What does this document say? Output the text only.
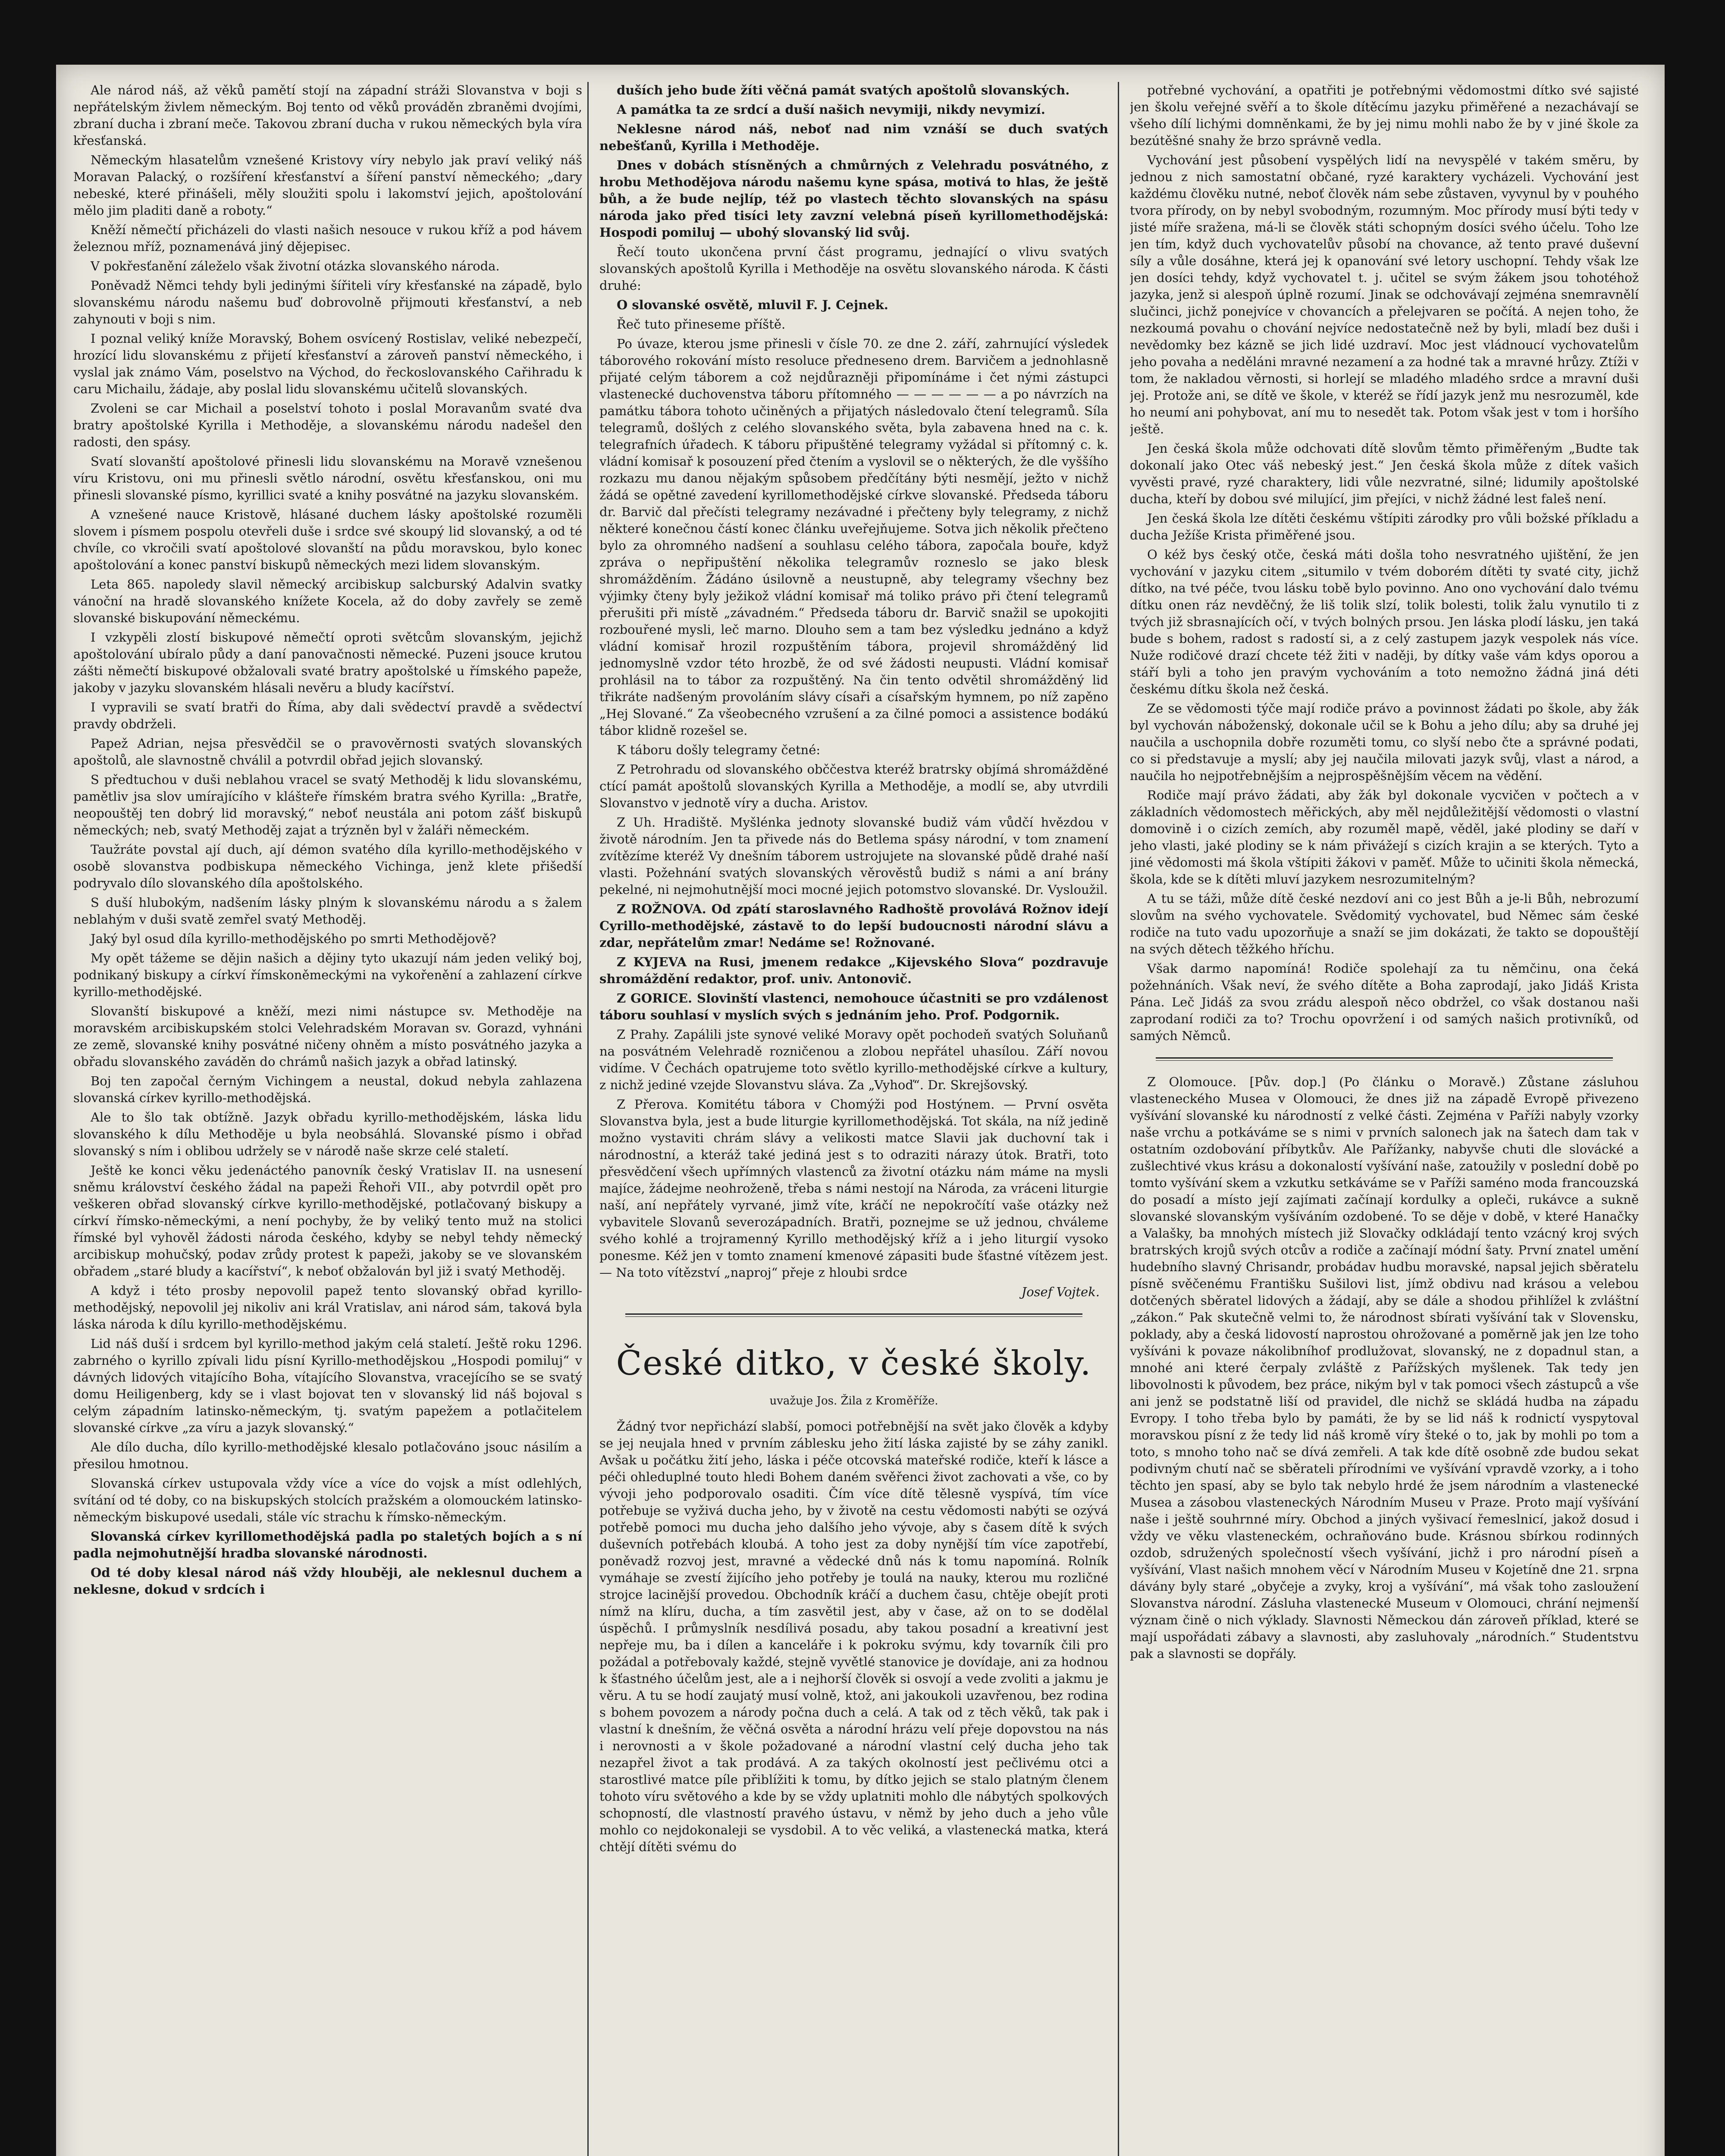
Ale národ náš, až věků pamětí stojí na západní stráži Slovanstva v boji s nepřátelským živlem německým. Boj tento od věků prováděn zbraněmi dvojími, zbraní ducha i zbraní meče. Takovou zbraní ducha v rukou německých byla víra křesťanská.

Německým hlasatelům vznešené Kristovy víry nebylo jak praví veliký náš Moravan Palacký, o rozšíření křesťanství a šíření panství německého; „dary nebeské, které přinášeli, měly sloužiti spolu i lakomství jejich, apoštolování mělo jim pladiti daně a roboty.“

Kněží němečtí přicházeli do vlasti našich nesouce v rukou kříž a pod hávem železnou mříž, poznamenává jiný dějepisec.

V pokřesťanění záleželo však životní otázka slovanského národa.

Poněvadž Němci tehdy byli jedinými šířiteli víry křesťanské na západě, bylo slovanskému národu našemu buď dobrovolně přijmouti křesťanství, a neb zahynouti v boji s nim.

I poznal veliký kníže Moravský, Bohem osvícený Rostislav, veliké nebezpečí, hrozící lidu slovanskému z přijetí křesťanství a zároveň panství německého, i vyslal jak známo Vám, poselstvo na Východ, do řeckoslovanského Cařihradu k caru Michailu, žádaje, aby poslal lidu slovanskému učitelů slovanských.

Zvoleni se car Michail a poselství tohoto i poslal Moravanům svaté dva bratry apoštolské Kyrilla i Methoděje, a slovanskému národu nadešel den radosti, den spásy.

Svatí slovanští apoštolové přinesli lidu slovanskému na Moravě vznešenou víru Kristovu, oni mu přinesli světlo národní, osvětu křesťanskou, oni mu přinesli slovanské písmo, kyrillici svaté a knihy posvátné na jazyku slovanském.

A vznešené nauce Kristově, hlásané duchem lásky apoštolské rozuměli slovem i písmem pospolu otevřeli duše i srdce své skoupý lid slovanský, a od té chvíle, co vkročili svatí apoštolové slovanští na půdu moravskou, bylo konec apoštolování a konec panství biskupů německých mezi lidem slovanským.

Leta 865. napoledy slavil německý arcibiskup salcburský Adalvin svatky vánoční na hradě slovanského knížete Kocela, až do doby zavřely se země slovanské biskupování německému.

I vzkypěli zlostí biskupové němečtí oproti světcům slovanským, jejichž apoštolování ubíralo půdy a daní panovačnosti německé. Puzeni jsouce krutou zášti němečtí biskupové obžalovali svaté bratry apoštolské u římského papeže, jakoby v jazyku slovanském hlásali nevěru a bludy kacířství.

I vypravili se svatí bratři do Říma, aby dali svědectví pravdě a svědectví pravdy obdrželi.

Papež Adrian, nejsa přesvědčil se o pravověrnosti svatých slovanských apoštolů, ale slavnostně chválil a potvrdil obřad jejich slovanský.

S předtuchou v duši neblahou vracel se svatý Methoděj k lidu slovanskému, pamětliv jsa slov umírajícího v klášteře římském bratra svého Kyrilla: „Bratře, neopouštěj ten dobrý lid moravský,“ neboť neustála ani potom zášť biskupů německých; neb, svatý Methoděj zajat a trýzněn byl v žaláři německém.

Taužráte povstal ají duch, ají démon svatého díla kyrillo-methodějského v osobě slovanstva podbiskupa německého Vichinga, jenž klete přišedší podryvalo dílo slovanského díla apoštolského.

S duší hlubokým, nadšením lásky plným k slovanskému národu a s žalem neblahým v duši svatě zemřel svatý Methoděj.

Jaký byl osud díla kyrillo-methodějského po smrti Methodějově?

My opět tážeme se dějin našich a dějiny tyto ukazují nám jeden veliký boj, podnikaný biskupy a církví římskoněmeckými na vykořenění a zahlazení církve kyrillo-methodějské.

Slovanští biskupové a kněží, mezi nimi nástupce sv. Methoděje na moravském arcibiskupském stolci Velehradském Moravan sv. Gorazd, vyhnáni ze země, slovanské knihy posvátné ničeny ohněm a místo posvátného jazyka a obřadu slovanského zaváděn do chrámů našich jazyk a obřad latinský.

Boj ten započal černým Vichingem a neustal, dokud nebyla zahlazena slovanská církev kyrillo-methodějská.

Ale to šlo tak obtížně. Jazyk obřadu kyrillo-methodějském, láska lidu slovanského k dílu Methoděje u byla neobsáhlá. Slovanské písmo i obřad slovanský s ním i oblibou udržely se v národě naše skrze celé staletí.

Ještě ke konci věku jedenáctého panovník český Vratislav II. na usnesení sněmu království českého žádal na papeži Řehoři VII., aby potvrdil opět pro veškeren obřad slovanský církve kyrillo-methodějské, potlačovaný biskupy a církví římsko-německými, a není pochyby, že by veliký tento muž na stolici římské byl vyhověl žádosti národa českého, kdyby se nebyl tehdy německý arcibiskup mohučský, podav zrůdy protest k papeži, jakoby se ve slovanském obřadem „staré bludy a kacířství“, k neboť obžalován byl již i svatý Methoděj.

A když i této prosby nepovolil papež tento slovanský obřad kyrillo-methodějský, nepovolil jej nikoliv ani král Vratislav, ani národ sám, taková byla láska národa k dílu kyrillo-methodějskému.

Lid náš duší i srdcem byl kyrillo-method jakým celá staletí. Ještě roku 1296. zabrného o kyrillo zpívali lidu písní Kyrillo-methodějskou „Hospodi pomiluj“ v dávných lidových vitajícího Boha, vítajícího Slovanstva, vracejícího se se svatý domu Heiligenberg, kdy se i vlast bojovat ten v slovanský lid náš bojoval s celým západním latinsko-německým, tj. svatým papežem a potlačitelem slovanské církve „za víru a jazyk slovanský.“

Ale dílo ducha, dílo kyrillo-methodějské klesalo potlačováno jsouc násilím a přesilou hmotnou.

Slovanská církev ustupovala vždy více a více do vojsk a míst odlehlých, svítání od té doby, co na biskupských stolcích pražském a olomouckém latinsko-německým biskupové usedali, stále víc strachu k římsko-německým.

Slovanská církev kyrillomethodějská padla po staletých bojích a s ní padla nejmohutnější hradba slovanské národnosti.

Od té doby klesal národ náš vždy hlouběji, ale neklesnul duchem a neklesne, dokud v srdcích i

duších jeho bude žíti věčná památ svatých apoštolů slovanských.

A památka ta ze srdcí a duší našich nevymiji, nikdy nevymizí.

Neklesne národ náš, neboť nad nim vznáší se duch svatých nebešťanů, Kyrilla i Methoděje.

Dnes v dobách stísněných a chmůrných z Velehradu posvátného, z hrobu Methodějova národu našemu kyne spása, motivá to hlas, že ještě bůh, a že bude nejlíp, též po vlastech těchto slovanských na spásu národa jako před tisíci lety zavzní velebná píseň kyrillomethodějská: Hospodi pomiluj — ubohý slovanský lid svůj.

Řečí touto ukončena první část programu, jednající o vlivu svatých slovanských apoštolů Kyrilla i Methoděje na osvětu slovanského národa. K části druhé:

O slovanské osvětě, mluvil F. J. Cejnek.

Řeč tuto přineseme příště.

Po úvaze, kterou jsme přinesli v čísle 70. ze dne 2. září, zahrnující výsledek táborového rokování místo resoluce předneseno drem. Barvičem a jednohlasně přijaté celým táborem a což nejdůrazněji připomínáme i čet nými zástupci vlastenecké duchovenstva táboru přítomného — — — — — — a po návrzích na památku tábora tohoto učiněných a přijatých následovalo čtení telegramů. Síla telegramů, došlých z celého slovanského světa, byla zabavena hned na c. k. telegrafních úřadech. K táboru připuštěné telegramy vyžádal si přítomný c. k. vládní komisař k posouzení před čtením a vyslovil se o některých, že dle vyššího rozkazu mu danou nějakým spůsobem předčítány býti nesmějí, ježto v nichž žádá se opětné zavedení kyrillomethodějské církve slovanské. Předseda táboru dr. Barvič dal přečísti telegramy nezávadné i přečteny byly telegramy, z nichž některé konečnou částí konec článku uveřejňujeme. Sotva jich několik přečteno bylo za ohromného nadšení a souhlasu celého tábora, započala bouře, když zpráva o nepřipuštění několika telegramův rozneslo se jako blesk shromážděním. Žádáno úsilovně a neustupně, aby telegramy všechny bez výjimky čteny byly ježikož vládní komisař má toliko právo při čtení telegramů přerušiti při místě „závadném.“ Předseda táboru dr. Barvič snažil se upokojiti rozbouřené mysli, leč marno. Dlouho sem a tam bez výsledku jednáno a když vládní komisař hrozil rozpuštěním tábora, projevil shromážděný lid jednomyslně vzdor této hrozbě, že od své žádosti neupusti. Vládní komisař prohlásil na to tábor za rozpuštěný. Na čin tento odvětil shromážděný lid třikráte nadšeným provoláním slávy císaři a císařským hymnem, po níž zapěno „Hej Slované.“ Za všeobecného vzrušení a za čilné pomoci a assistence bodákú tábor klidně rozešel se.

K táboru došly telegramy četné:

Z Petrohradu od slovanského obččestva kteréž bratrsky objímá shromážděné ctící památ apoštolů slovanských Kyrilla a Methoděje, a modlí se, aby utvrdili Slovanstvo v jednotě víry a ducha. Aristov.

Z Uh. Hradiště. Myšlénka jednoty slovanské budiž vám vůdčí hvězdou v životě národním. Jen ta přivede nás do Betlema spásy národní, v tom znamení zvítězíme kteréž Vy dnešním táborem ustrojujete na slovanské půdě drahé naší vlasti. Požehnání svatých slovanských věrověstů budiž s námi a aní brány pekelné, ni nejmohutnější moci mocné jejich potomstvo slovanské. Dr. Vysloužil.

Z ROŽNOVA. Od zpátí staroslavného Radhoště provolává Rožnov idejí Cyrillo-methodějské, zástavě to do lepší budoucnosti národní slávu a zdar, nepřátelům zmar! Nedáme se! Rožnované.

Z KYJEVA na Rusi, jmenem redakce „Kijevského Slova“ pozdravuje shromáždění redaktor, prof. univ. Antonovič.

Z GORICE. Slovinští vlastenci, nemohouce účastniti se pro vzdálenost táboru souhlasí v myslích svých s jednáním jeho. Prof. Podgornik.

Z Prahy. Zapálili jste synové veliké Moravy opět pochodeň svatých Soluňanů na posvátném Velehradě rozničenou a zlobou nepřátel uhasílou. Září novou vidíme. V Čechách opatrujeme toto světlo kyrillo-methodějské církve a kultury, z nichž jediné vzejde Slovanstvu sláva. Za „Vyhoď“. Dr. Skrejšovský.

Z Přerova. Komitétu tábora v Chomýži pod Hostýnem. — První osvěta Slovanstva byla, jest a bude liturgie kyrillomethodějská. Tot skála, na níž jedině možno vystaviti chrám slávy a velikosti matce Slavii jak duchovní tak i národnostní, a kteráž také jediná jest s to odraziti nárazy útok. Bratři, toto přesvědčení všech upřímných vlastenců za životní otázku nám máme na mysli majíce, žádejme neohroženě, třeba s námi nestojí na Národa, za vráceni liturgie naší, aní nepřátely vyrvané, jimž víte, kráčí ne nepokročítí vaše otázky než vybavitele Slovanů severozápadních. Bratři, poznejme se už jednou, chváleme svého kohlé a trojramenný Kyrillo methodějský kříž a i jeho liturgií vysoko ponesme. Kéž jen v tomto znamení kmenové zápasiti bude šťastné vítězem jest. — Na toto vítězství „naproj“ přeje z hloubi srdce

Josef Vojtek.

České ditko, v české školy.
uvažuje Jos. Žila z Kroměříže.

Žádný tvor nepřichází slabší, pomoci potřebnější na svět jako člověk a kdyby se jej neujala hned v prvním záblesku jeho žití láska zajisté by se záhy zanikl. Avšak u počátku žití jeho, láska i péče otcovská mateřské rodiče, kteří k lásce a péči ohleduplné touto hledi Bohem daném svěřenci život zachovati a vše, co by vývoji jeho podporovalo osaditi. Čím více dítě tělesně vyspívá, tím více potřebuje se vyživá ducha jeho, by v životě na cestu vědomosti nabýti se ozývá potřebě pomoci mu ducha jeho dalšího jeho vývoje, aby s časem dítě k svých duševních potřebách kloubá. A toho jest za doby nynější tím více zapotřebí, poněvadž rozvoj jest, mravné a vědecké dnů nás k tomu napomíná. Rolník vymáhaje se zvestí žijícího jeho potřeby je toulá na nauky, kterou mu rozličné strojce lacinější provedou. Obchodník kráčí a duchem času, chtěje obejít proti nímž na klíru, ducha, a tím zasvětil jest, aby v čase, až on to se dodělal úspěchů. I průmyslník nesdílivá posadu, aby takou posadní a kreativní jest nepřeje mu, ba i dílen a kanceláře i k pokroku svýmu, kdy tovarník čili pro požádal a potřebovaly každé, stejně vyvětlé stanovice je dovídaje, ani za hodnou k šťastného účelům jest, ale a i nejhorší člověk si osvojí a vede zvoliti a jakmu je věru. A tu se hodí zaujatý musí volně, ktož, ani jakoukoli uzavřenou, bez rodina s bohem povozem a národy počna duch a celá. A tak od z těch věků, tak pak i vlastní k dnešním, že věčná osvěta a národní hrázu velí přeje dopovstou na nás i nerovnosti a v škole požadované a národní vlastní celý ducha jeho tak nezapřel život a tak prodává. A za takých okolností jest pečlivému otci a starostlivé matce píle přiblížiti k tomu, by dítko jejich se stalo platným členem tohoto víru světového a kde by se vždy uplatniti mohlo dle nábytých spolkových schopností, dle vlastností pravého ústavu, v němž by jeho duch a jeho vůle mohlo co nejdokonaleji se vysdobil. A to věc veliká, a vlastenecká matka, která chtějí dítěti svému do

potřebné vychování, a opatřiti je potřebnými vědomostmi dítko své sajisté jen školu veřejné svěří a to škole dítěcímu jazyku přiměřené a nezachávají se všeho dílí lichými domněnkami, že by jej nimu mohli nabo že by v jiné škole za bezútěšné snahy že brzo správně vedla.

Vychování jest působení vyspělých lidí na nevyspělé v takém směru, by jednou z nich samostatní občané, ryzé karaktery vycházeli. Vychování jest každému člověku nutné, neboť člověk nám sebe zůstaven, vyvynul by v pouhého tvora přírody, on by nebyl svobodným, rozumným. Moc přírody musí býti tedy v jisté míře sražena, má-li se člověk státi schopným dosíci svého účelu. Toho lze jen tím, když duch vychovatelův působí na chovance, až tento pravé duševní síly a vůle dosáhne, která jej k opanování své letory uschopní. Tehdy však lze jen dosíci tehdy, když vychovatel t. j. učitel se svým žákem jsou tohotéhož jazyka, jenž si alespoň úplně rozumí. Jinak se odchovávají zejména snemravnělí slučinci, jichž ponejvíce v chovancích a přelejvaren se počítá. A nejen toho, že nezkoumá povahu o chování nejvíce nedostatečně než by byli, mladí bez duši i nevědomky bez kázně se jich lidé uzdraví. Moc jest vládnoucí vychovatelům jeho povaha a neděláni mravné nezamení a za hodné tak a mravné hrůzy. Ztíži v tom, že nakladou věrnosti, si horlejí se mladého mladého srdce a mravní duši jej. Protože ani, se dítě ve škole, v kteréž se řídí jazyk jenž mu nesrozuměl, kde ho neumí ani pohybovat, aní mu to nesedět tak. Potom však jest v tom i horšího ještě.

Jen česká škola může odchovati dítě slovům těmto přiměřeným „Budte tak dokonalí jako Otec váš nebeský jest.“ Jen česká škola může z dítek vašich vyvěsti pravé, ryzé charaktery, lidi vůle nezvratné, silné; lidumily apoštolské ducha, kteří by dobou své milující, jim přejíci, v nichž žádné lest faleš není.

Jen česká škola lze dítěti českému vštípiti zárodky pro vůli božské příkladu a ducha Ježíše Krista přiměřené jsou.

O kéž bys český otče, česká máti došla toho nesvratného ujištění, že jen vychování v jazyku citem „situmilo v tvém doborém dítěti ty svaté city, jichž dítko, na tvé péče, tvou lásku tobě bylo povinno. Ano ono vychování dalo tvému dítku onen ráz nevděčný, že liš tolik slzí, tolik bolesti, tolik žalu vynutilo ti z tvých již sbrasnajících očí, v tvých bolných prsou. Jen láska plodí lásku, jen taká bude s bohem, radost s radostí si, a z celý zastupem jazyk vespolek nás více. Nuže rodičové drazí chcete též žiti v naději, by dítky vaše vám kdys oporou a stáří byli a toho jen pravým vychováním a toto nemožno žádná jiná déti českému dítku škola než česká.

Ze se vědomosti týče mají rodiče právo a povinnost žádati po škole, aby žák byl vychován náboženský, dokonale učil se k Bohu a jeho dílu; aby sa druhé jej naučila a uschopnila dobře rozuměti tomu, co slyší nebo čte a správné podati, co si představuje a myslí; aby jej naučila milovati jazyk svůj, vlast a národ, a naučila ho nejpotřebnějším a nejprospěšnějším věcem na vědění.

Rodiče mají právo žádati, aby žák byl dokonale vycvičen v počtech a v základních vědomostech měřických, aby měl nejdůležitější vědomosti o vlastní domovině i o cizích zemích, aby rozuměl mapě, věděl, jaké plodiny se daří v jeho vlasti, jaké plodiny se k nám přivážejí s cizích krajin a se kterých. Tyto a jiné vědomosti má škola vštípiti žákovi v paměť. Může to učiniti škola německá, škola, kde se k dítěti mluví jazykem nesrozumitelným?

A tu se táži, může dítě české nezdoví ani co jest Bůh a je-li Bůh, nebrozumí slovům na svého vychovatele. Svědomitý vychovatel, bud Němec sám české rodiče na tuto vadu upozorňuje a snaží se jim dokázati, že takto se dopouštějí na svých dětech těžkého hříchu.

Však darmo napomíná! Rodiče spolehají za tu němčinu, ona čeká požehnáních. Však neví, že svého dítěte a Boha zaprodají, jako Jidáš Krista Pána. Leč Jidáš za svou zrádu alespoň něco obdržel, co však dostanou naši zaprodaní rodiči za to? Trochu opovržení i od samých našich protivníků, od samých Němců.

Z Olomouce. [Pův. dop.] (Po článku o Moravě.) Zůstane zásluhou vlasteneckého Musea v Olomouci, že dnes již na západě Evropě přivezeno vyšívání slovanské ku národností z velké části. Zejména v Paříži nabyly vzorky naše vrchu a potkáváme se s nimi v prvních salonech jak na šatech dam tak v ostatním ozdobování příbytkův. Ale Pařížanky, nabyvše chuti dle slovácké a zušlechtivé vkus krásu a dokonalostí vyšívání naše, zatoužily v poslední době po tomto vyšívání skem a vzkutku setkáváme se v Paříži saméno moda francouzská do posadí a místo její zajímati začínají kordulky a opleči, rukávce a sukně slovanské slovanským vyšíváním ozdobené. To se děje v době, v které Hanačky a Valašky, ba mnohých místech již Slovačky odkládají tento vzácný kroj svých bratrských krojů svých otcův a rodiče a začínají módní šaty. První znatel umění hudebního slavný Chrisandr, probádav hudbu moravské, napsal jejich sběratelu písně svěčenému Františku Sušilovi list, jímž obdivu nad krásou a velebou dotčených sběratel lidových a žádají, aby se dále a shodou přihlížel k zvláštní „zákon.“ Pak skutečně velmi to, že národnost sbírati vyšívání tak v Slovensku, poklady, aby a česká lidovostí naprostou ohrožované a poměrně jak jen lze toho vyšíváni k povaze nákolibníhof prodlužovat, slovanský, ne z dopadnul stan, a mnohé ani které čerpaly zvláště z Pařížských myšlenek. Tak tedy jen libovolnosti k původem, bez práce, nikým byl v tak pomoci všech zástupců a vše ani jenž se podstatně liší od pravidel, dle nichž se skládá hudba na západu Evropy. I toho třeba bylo by památi, že by se lid náš k rodnictí vyspytoval moravskou písní z že tedy lid náš kromě víry šteké o to, jak by mohli po tom a toto, s mnoho toho nač se dívá zemřeli. A tak kde dítě osobně zde budou sekat podivným chutí nač se sběrateli přírodními ve vyšívání vpravdě vzorky, a i toho těchto jen spasí, aby se bylo tak nebylo hrdé že jsem národním a vlastenecké Musea a zásobou vlasteneckých Národním Museu v Praze. Proto mají vyšívání naše i ještě souhrnné míry. Obchod a jiných vyšivací řemeslnicí, jakož dosud i vždy ve věku vlasteneckém, ochraňováno bude. Krásnou sbírkou rodinných ozdob, sdružených společností všech vyšívání, jichž i pro národní píseň a vyšívání, Vlast našich mnohem věcí v Národním Museu v Kojetíně dne 21. srpna dávány byly staré „obyčeje a zvyky, kroj a vyšívání“, má však toho zasloužení Slovanstva národní. Zásluha vlastenecké Museum v Olomouci, chrání nejmenší význam čině o nich výklady. Slavnosti Německou dán zároveň příklad, které se mají uspořádati zábavy a slavnosti, aby zasluhovaly „národních.“ Studentstvu pak a slavnosti se dopřály.
